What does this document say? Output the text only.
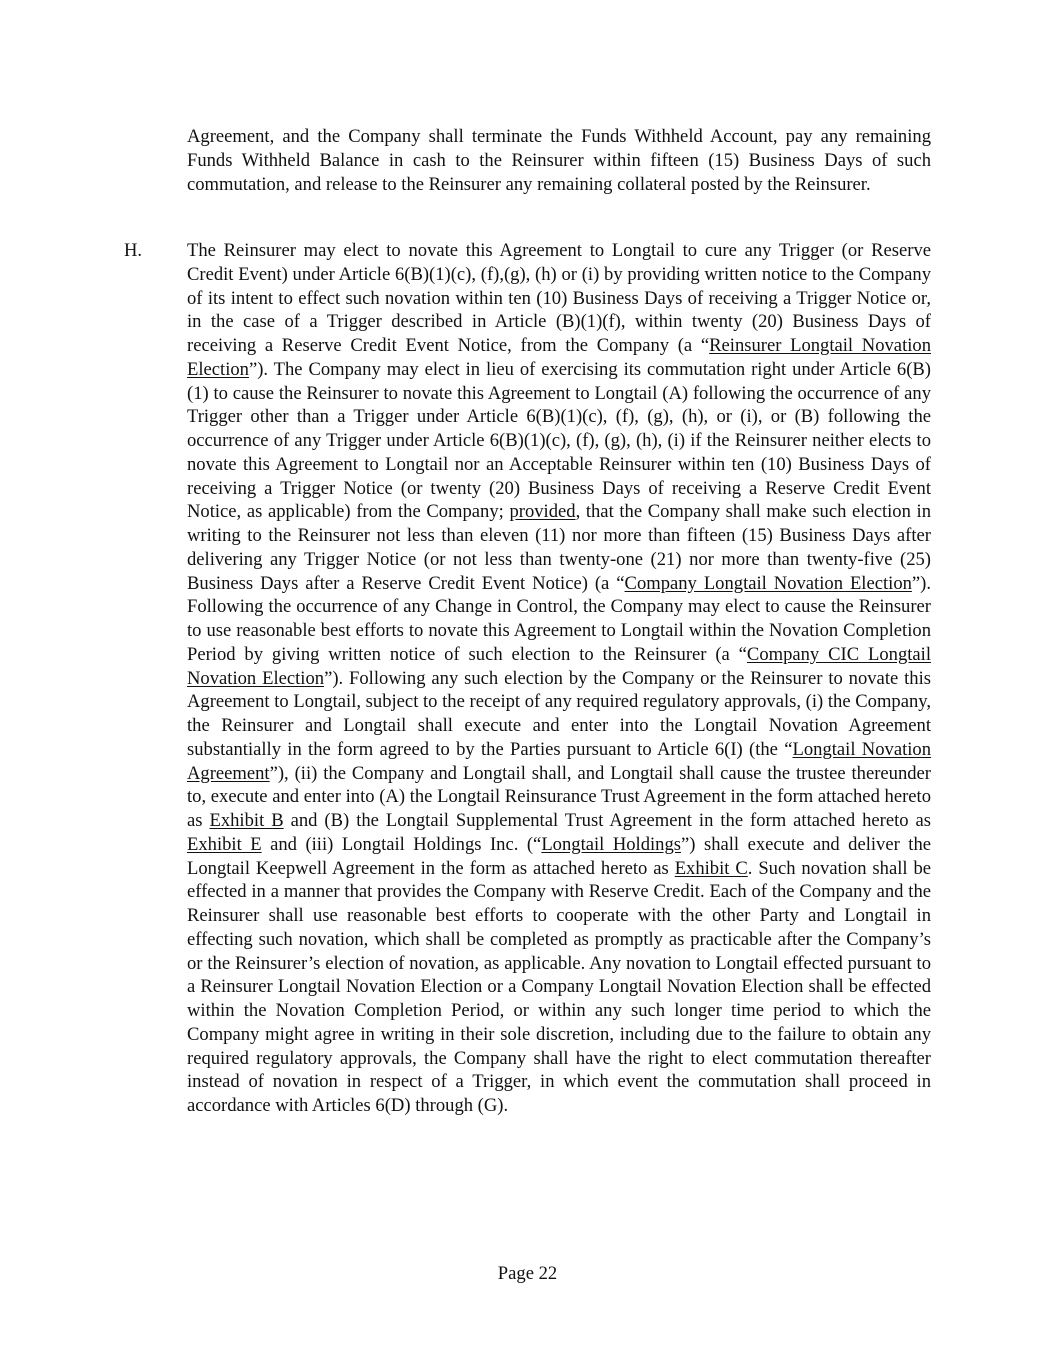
Agreement, and the Company shall terminate the Funds Withheld Account, pay any remaining Funds Withheld Balance in cash to the Reinsurer within fifteen (15) Business Days of such commutation, and release to the Reinsurer any remaining collateral posted by the Reinsurer.

H. The Reinsurer may elect to novate this Agreement to Longtail to cure any Trigger (or Reserve Credit Event) under Article 6(B)(1)(c), (f),(g), (h) or (i) by providing written notice to the Company of its intent to effect such novation within ten (10) Business Days of receiving a Trigger Notice or, in the case of a Trigger described in Article (B)(1)(f), within twenty (20) Business Days of receiving a Reserve Credit Event Notice, from the Company (a “Reinsurer Longtail Novation Election”). The Company may elect in lieu of exercising its commutation right under Article 6(B)(1) to cause the Reinsurer to novate this Agreement to Longtail (A) following the occurrence of any Trigger other than a Trigger under Article 6(B)(1)(c), (f), (g), (h), or (i), or (B) following the occurrence of any Trigger under Article 6(B)(1)(c), (f), (g), (h), (i) if the Reinsurer neither elects to novate this Agreement to Longtail nor an Acceptable Reinsurer within ten (10) Business Days of receiving a Trigger Notice (or twenty (20) Business Days of receiving a Reserve Credit Event Notice, as applicable) from the Company; provided, that the Company shall make such election in writing to the Reinsurer not less than eleven (11) nor more than fifteen (15) Business Days after delivering any Trigger Notice (or not less than twenty-one (21) nor more than twenty-five (25) Business Days after a Reserve Credit Event Notice) (a “Company Longtail Novation Election”). Following the occurrence of any Change in Control, the Company may elect to cause the Reinsurer to use reasonable best efforts to novate this Agreement to Longtail within the Novation Completion Period by giving written notice of such election to the Reinsurer (a “Company CIC Longtail Novation Election”). Following any such election by the Company or the Reinsurer to novate this Agreement to Longtail, subject to the receipt of any required regulatory approvals, (i) the Company, the Reinsurer and Longtail shall execute and enter into the Longtail Novation Agreement substantially in the form agreed to by the Parties pursuant to Article 6(I) (the “Longtail Novation Agreement”), (ii) the Company and Longtail shall, and Longtail shall cause the trustee thereunder to, execute and enter into (A) the Longtail Reinsurance Trust Agreement in the form attached hereto as Exhibit B and (B) the Longtail Supplemental Trust Agreement in the form attached hereto as Exhibit E and (iii) Longtail Holdings Inc. (“Longtail Holdings”) shall execute and deliver the Longtail Keepwell Agreement in the form as attached hereto as Exhibit C. Such novation shall be effected in a manner that provides the Company with Reserve Credit. Each of the Company and the Reinsurer shall use reasonable best efforts to cooperate with the other Party and Longtail in effecting such novation, which shall be completed as promptly as practicable after the Company’s or the Reinsurer’s election of novation, as applicable. Any novation to Longtail effected pursuant to a Reinsurer Longtail Novation Election or a Company Longtail Novation Election shall be effected within the Novation Completion Period, or within any such longer time period to which the Company might agree in writing in their sole discretion, including due to the failure to obtain any required regulatory approvals, the Company shall have the right to elect commutation thereafter instead of novation in respect of a Trigger, in which event the commutation shall proceed in accordance with Articles 6(D) through (G).

Page 22
